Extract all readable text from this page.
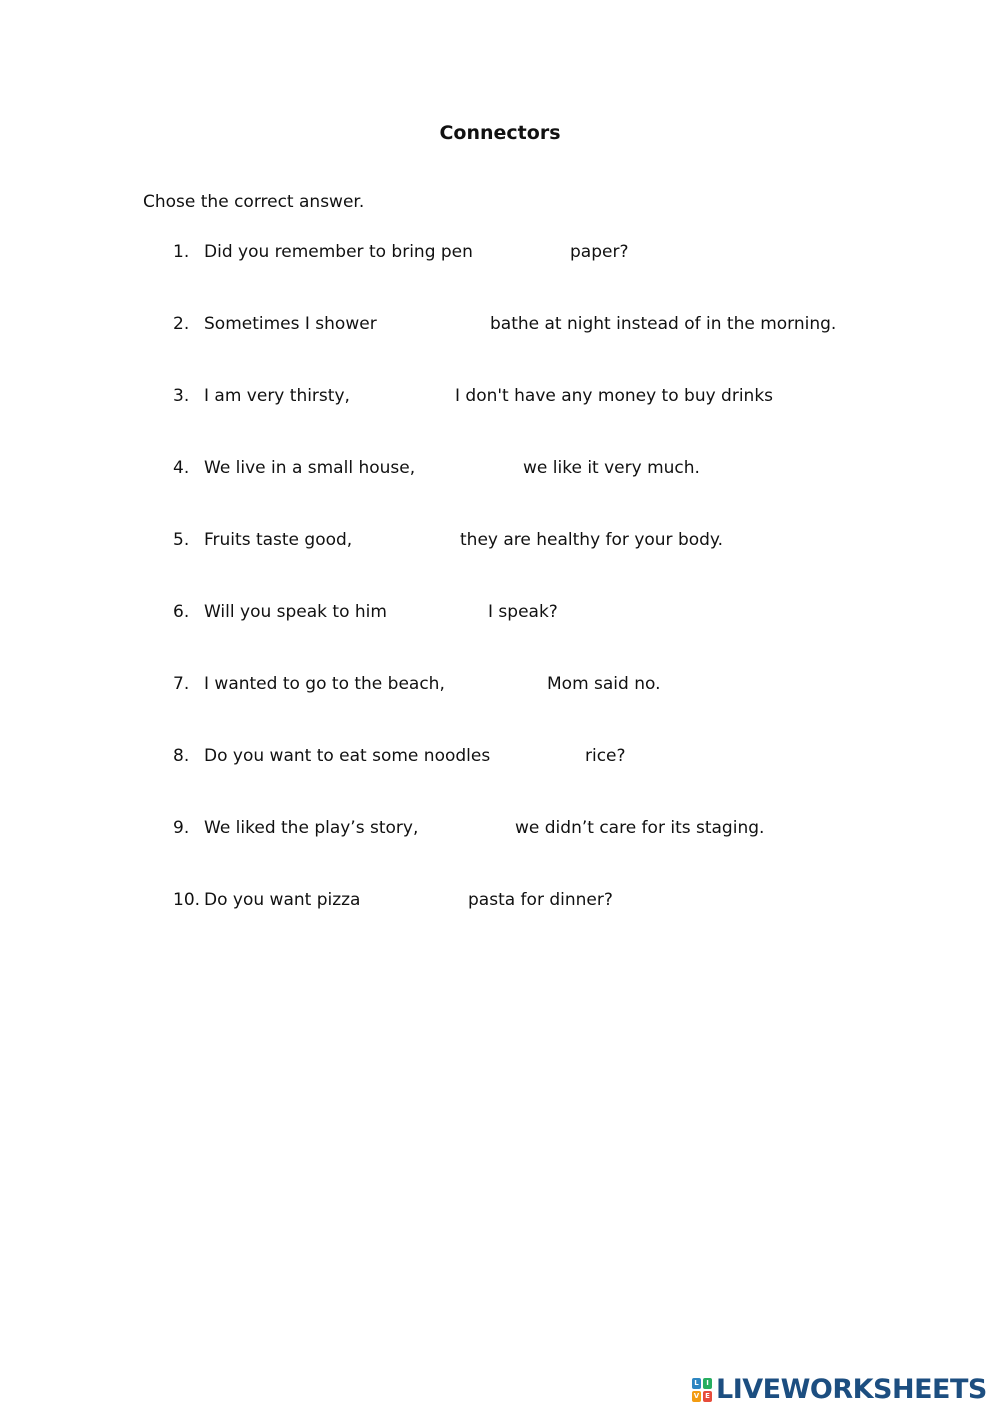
Connectors
Chose the correct answer.
1. Did you remember to bring pen	paper?
2. Sometimes I shower	bathe at night instead of in the morning.
3. I am very thirsty,	I don't have any money to buy drinks
4. We live in a small house,	we like it very much.
5. Fruits taste good,	they are healthy for your body.
6. Will you speak to him	I speak?
7. I wanted to go to the beach,	Mom said no.
8. Do you want to eat some noodles	rice?
9. We liked the play’s story,	we didn’t care for its staging.
10. Do you want pizza	pasta for dinner?
L	I
V E LIVEWORKSHEETS
